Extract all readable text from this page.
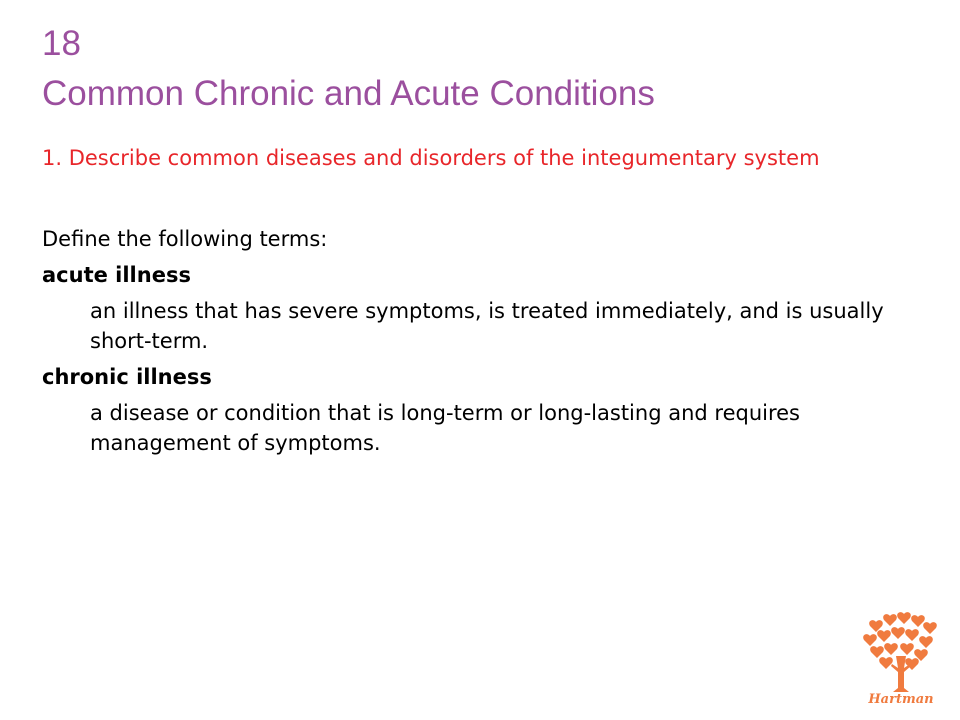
18
Common Chronic and Acute Conditions

1. Describe common diseases and disorders of the integumentary system

Define the following terms:

acute illness

an illness that has severe symptoms, is treated immediately, and is usually short-term.

chronic illness

a disease or condition that is long-term or long-lasting and requires management of symptoms.

Hartman
